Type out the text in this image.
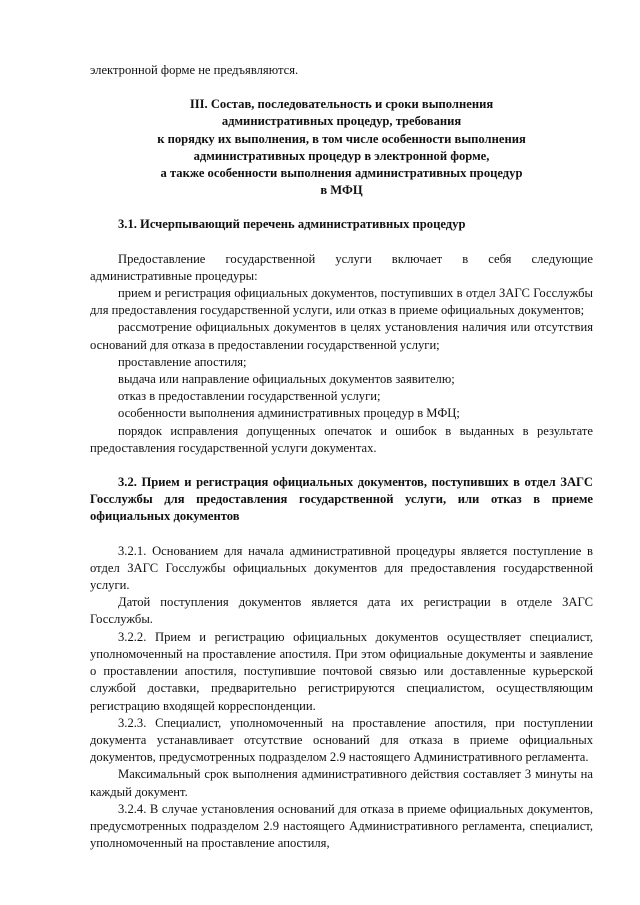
электронной форме не предъявляются.

III. Состав, последовательность и сроки выполнения

административных процедур, требования

к порядку их выполнения, в том числе особенности выполнения

административных процедур в электронной форме,

а также особенности выполнения административных процедур

в МФЦ

3.1. Исчерпывающий перечень административных процедур

Предоставление государственной услуги включает в себя следующие административные процедуры:

прием и регистрация официальных документов, поступивших в отдел ЗАГС Госслужбы для предоставления государственной услуги, или отказ в приеме официальных документов;

рассмотрение официальных документов в целях установления наличия или отсутствия оснований для отказа в предоставлении государственной услуги;

проставление апостиля;

выдача или направление официальных документов заявителю;

отказ в предоставлении государственной услуги;

особенности выполнения административных процедур в МФЦ;

порядок исправления допущенных опечаток и ошибок в выданных в результате предоставления государственной услуги документах.

3.2. Прием и регистрация официальных документов, поступивших в отдел ЗАГС Госслужбы для предоставления государственной услуги, или отказ в приеме официальных документов

3.2.1. Основанием для начала административной процедуры является поступление в отдел ЗАГС Госслужбы официальных документов для предоставления государственной услуги.

Датой поступления документов является дата их регистрации в отделе ЗАГС Госслужбы.

3.2.2. Прием и регистрацию официальных документов осуществляет специалист, уполномоченный на проставление апостиля. При этом официальные документы и заявление о проставлении апостиля, поступившие почтовой связью или доставленные курьерской службой доставки, предварительно регистрируются специалистом, осуществляющим регистрацию входящей корреспонденции.

3.2.3. Специалист, уполномоченный на проставление апостиля, при поступлении документа устанавливает отсутствие оснований для отказа в приеме официальных документов, предусмотренных подразделом 2.9 настоящего Административного регламента.

Максимальный срок выполнения административного действия составляет 3 минуты на каждый документ.

3.2.4. В случае установления оснований для отказа в приеме официальных документов, предусмотренных подразделом 2.9 настоящего Административного регламента, специалист, уполномоченный на проставление апостиля,
